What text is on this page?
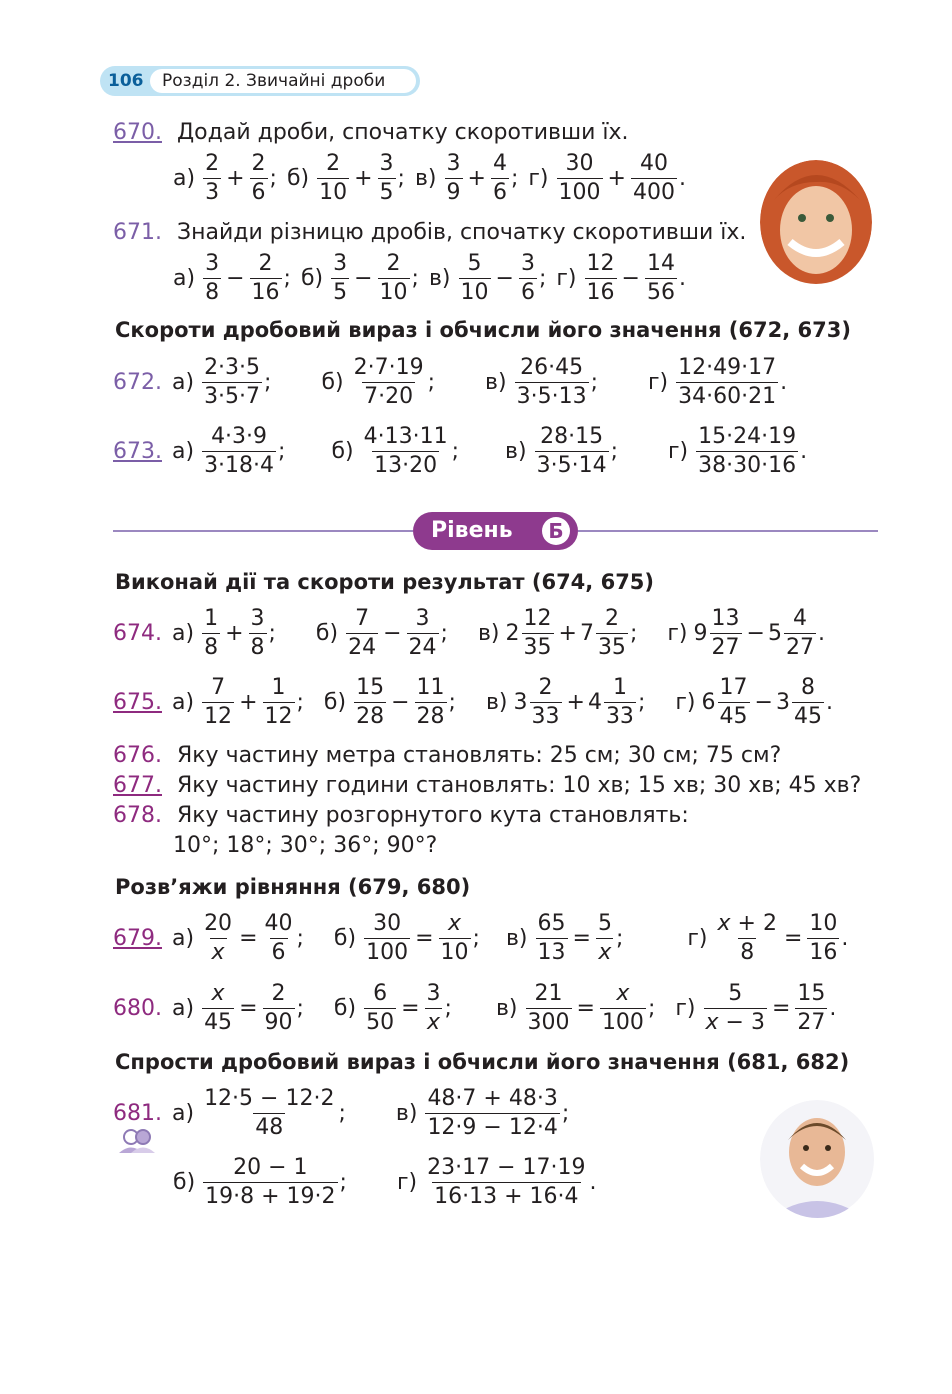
106	Розділ 2. Звичайні дроби
670. Додай дроби, спочатку скоротивши їх.
а)
2
3
+ $\frac{2}{6}$ ; б)
2
10
+ $\frac{3}{5}$ ; в)
3
9
+ $\frac{4}{6}$ ; г)
30
100
+ $\frac{40}{400}$ .
671. Знайди різницю дробів, спочатку скоротивши їх.
а)
3
8
− $\frac{2}{16}$ ; б)
3
5
− $\frac{2}{10}$ ; в)
5
10
− $\frac{3}{6}$ ; г)
12
16
− $\frac{14}{56}$ .
Скороти дробовий вираз і обчисли його значення (672, 673)
672. а)
2·3·5
3·5·7
; б)
2·7·19
7·20
; в)
26·45
3·5·13
; г)
12·49·17
34·60·21
.
673. а)
4·3·9
3·18·4
; б)
4·13·11
13·20
; в)
28·15
3·5·14
; г)
15·24·19
38·30·16
.
Рівень	Б
Виконай дії та скороти результат (674, 675)
674. а)
1
8
+ $\frac{3}{8}$ ; б)
7
24
− $\frac{3}{24}$ ; в) 2
12
35
+ 7
2
35
; г) 9
13
27
− 5
4
27
.
675. а)
7
12
+ $\frac{1}{12}$ ; б)
15
28
− $\frac{11}{28}$ ; в) 3
2
33
+ 4
1
33
; г) 6
17
45
− 3
8
45
.
676. Яку частину метра становлять: 25 см; 30 см; 75 см?
677. Яку частину години становлять: 10 хв; 15 хв; 30 хв; 45 хв?
678. Яку частину розгорнутого кута становлять:
10°; 18°; 30°; 36°; 90°?
Розв’яжи рівняння (679, 680)
679. $а) \frac{20}{x} = \frac{40}{6}$ ; $б) \frac{30}{100} = \frac{x}{10}$ ; $в) \frac{65}{13} = \frac{5}{x}$ ;	$г) \frac{x + 2}{8} = \frac{10}{16}$ .
680. $а) \frac{x}{45} = \frac{2}{90}$ ; $б) \frac{6}{50} = \frac{3}{x}$ ; $в) \frac{21}{300} = \frac{x}{100}$ ; $г) \frac{5}{x - 3} = \frac{15}{27}$ .
Спрости дробовий вираз і обчисли його значення (681, 682)
681. а)
12·5 − 12·2
48
; в)
48·7 + 48·3
12·9 − 12·4
;
б)
20 − 1
19·8 + 19·2
; г)
23·17 − 17·19
16·13 + 16·4
.
